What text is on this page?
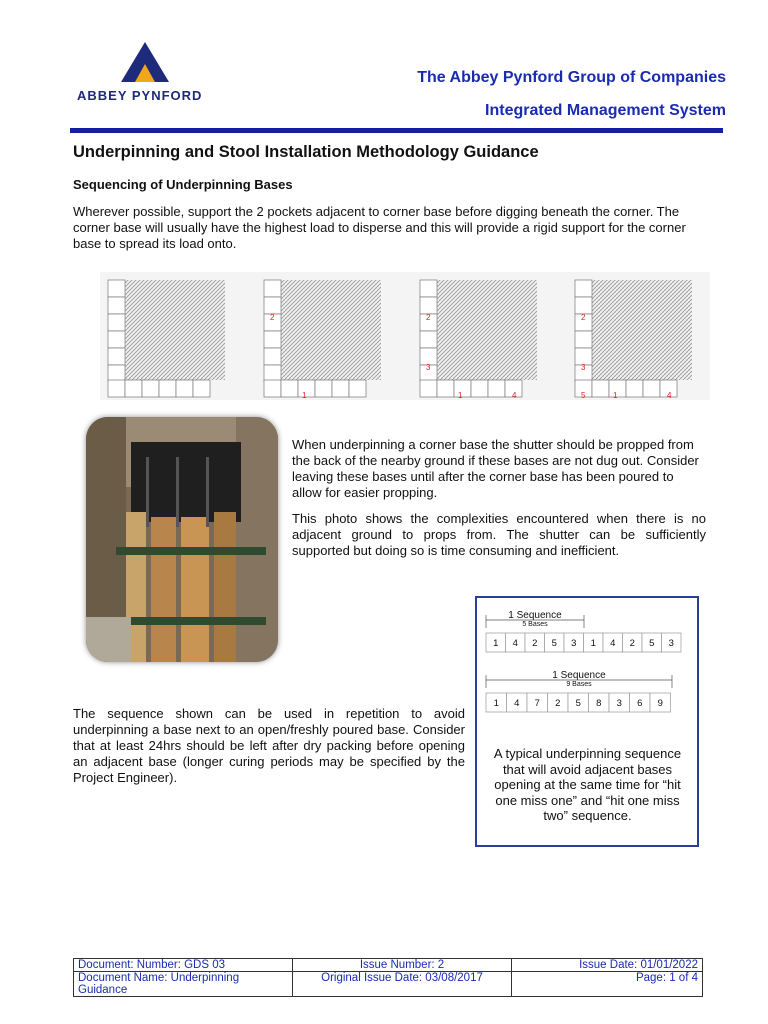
ABBEY PYNFORD
The Abbey Pynford Group of Companies
Integrated Management System
Underpinning and Stool Installation Methodology Guidance
Sequencing of Underpinning Bases

Wherever possible, support the 2 pockets adjacent to corner base before digging beneath the corner. The corner base will usually have the highest load to disperse and this will provide a rigid support for the corner base to spread its load onto.

2
1
2
3
1	4
2
3
5	1	4

When underpinning a corner base the shutter should be propped from the back of the nearby ground if these bases are not dug out. Consider leaving these bases until after the corner base has been poured to allow for easier propping.

This photo shows the complexities encountered when there is no adjacent ground to props from. The shutter can be sufficiently supported but doing so is time consuming and inefficient.

The sequence shown can be used in repetition to avoid underpinning a base next to an open/freshly poured base. Consider that at least 24hrs should be left after dry packing before opening an adjacent base (longer curing periods may be specified by the Project Engineer).

1 Sequence
5 Bases
1 4 2 5 3 1 4 2 5 3
1 Sequence
9 Bases
1 4 7 2 5 8 3 6 9

A typical underpinning sequence that will avoid adjacent bases opening at the same time for “hit one miss one” and “hit one miss two” sequence.

Document: Number: GDS 03	Issue Number: 2	Issue Date: 01/01/2022
Document Name: Underpinning Guidance	Original Issue Date: 03/08/2017	Page: 1 of 4
